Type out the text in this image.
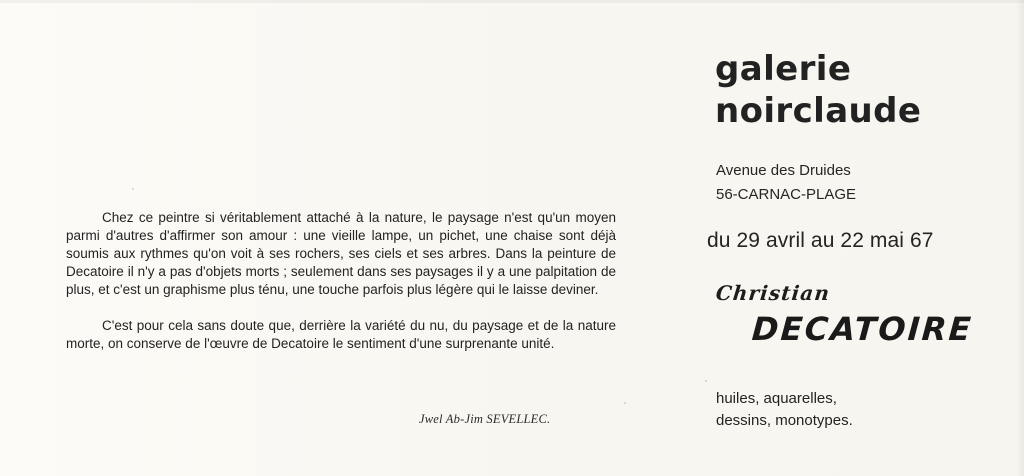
Chez ce peintre si véritablement attaché à la nature, le paysage n'est qu'un moyen parmi d'autres d'affirmer son amour : une vieille lampe, un pichet, une chaise sont déjà soumis aux rythmes qu'on voit à ses rochers, ses ciels et ses arbres. Dans la peinture de Decatoire il n'y a pas d'objets morts ; seulement dans ses paysages il y a une palpitation de plus, et c'est un graphisme plus ténu, une touche parfois plus légère qui le laisse deviner.

C'est pour cela sans doute que, derrière la variété du nu, du paysage et de la nature morte, on conserve de l'œuvre de Decatoire le sentiment d'une surprenante unité.

Jwel Ab-Jim SEVELLEC.
galerie
noirclaude
Avenue des Druides
56-CARNAC-PLAGE
du 29 avril au 22 mai 67
Christian
DECATOIRE
huiles, aquarelles,
dessins, monotypes.
